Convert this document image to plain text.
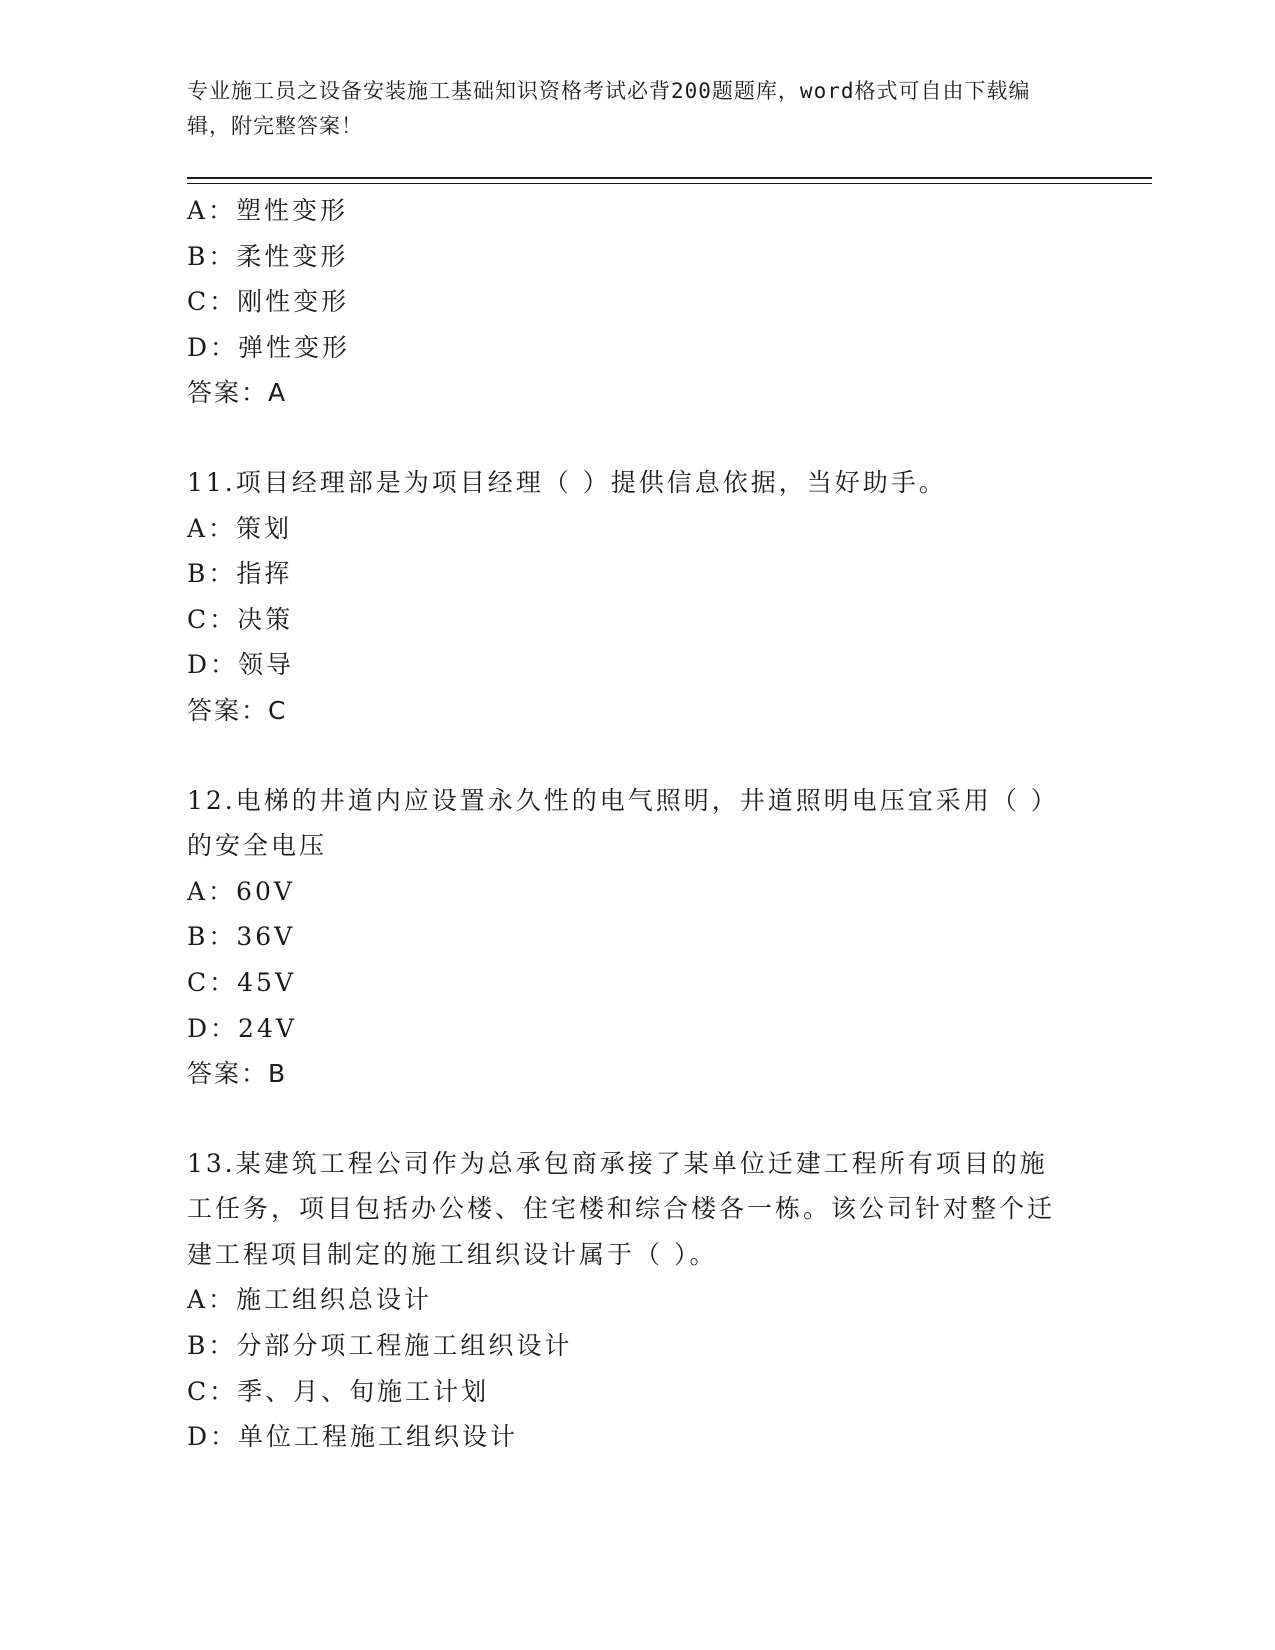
专业施工员之设备安装施工基础知识资格考试必背200题题库，word格式可自由下载编辑，附完整答案！
A：塑性变形
B：柔性变形
C：刚性变形
D：弹性变形
答案：A
11.项目经理部是为项目经理（ ）提供信息依据，当好助手。
A：策划
B：指挥
C：决策
D：领导
答案：C
12.电梯的井道内应设置永久性的电气照明，井道照明电压宜采用（ ）的安全电压
A：60V
B：36V
C：45V
D：24V
答案：B
13.某建筑工程公司作为总承包商承接了某单位迁建工程所有项目的施工任务，项目包括办公楼、住宅楼和综合楼各一栋。该公司针对整个迁建工程项目制定的施工组织设计属于（ ）。
A：施工组织总设计
B：分部分项工程施工组织设计
C：季、月、旬施工计划
D：单位工程施工组织设计
